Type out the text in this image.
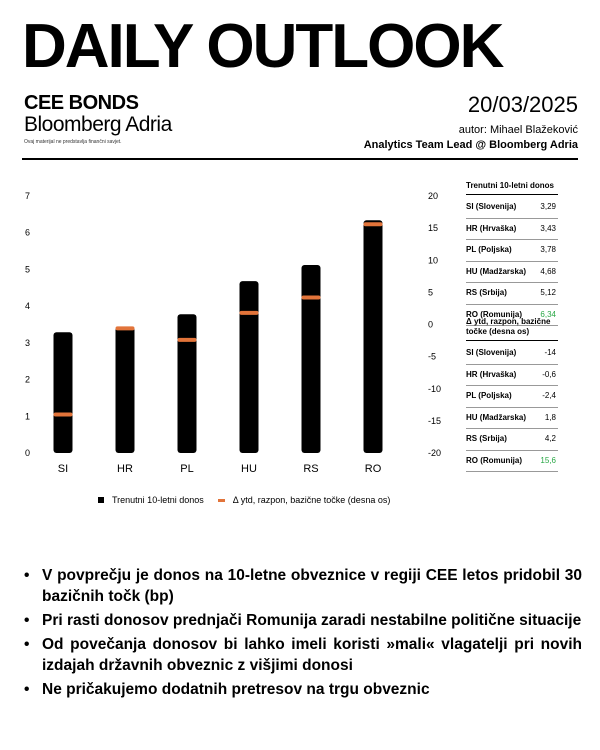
DAILY OUTLOOK
CEE BONDS
Bloomberg Adria
Ovaj materijal ne predstavlja finančni savjet.
20/03/2025
autor: Mihael Blažeković
Analytics Team Lead @ Bloomberg Adria
0
1
2
3
4
5
6
7
-20
-15
-10
-5
0
5
10
15
20
SI	HR	PL	HU	RS	RO
Trenutni 10-letni donos
SI (Slovenija)	3,29
HR (Hrvaška)	3,43
PL (Poljska)	3,78
HU (Madžarska) 4,68
RS (Srbija)	5,12
RO (Romunija) 6,34
Δ ytd, razpon, bazične točke (desna os)
SI (Slovenija)	-14
HR (Hrvaška)	-0,6
PL (Poljska)	-2,4
HU (Madžarska) 1,8
RS (Srbija)	4,2
RO (Romunija) 15,6
Trenutni 10-letni donos	Δ ytd, razpon, bazične točke (desna os)
• V povprečju je donos na 10-letne obveznice v regiji CEE letos pridobil 30 bazičnih točk (bp)
• Pri rasti donosov prednjači Romunija zaradi nestabilne politične situacije
• Od povečanja donosov bi lahko imeli koristi »mali« vlagatelji pri novih izdajah državnih obveznic z višjimi donosi
• Ne pričakujemo dodatnih pretresov na trgu obveznic
